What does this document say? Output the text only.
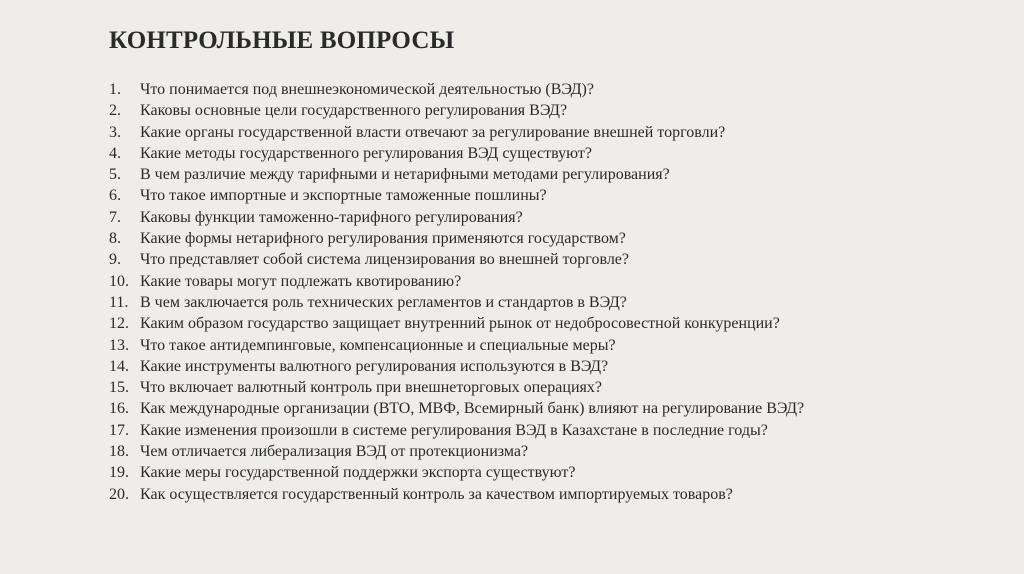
КОНТРОЛЬНЫЕ ВОПРОСЫ
1.	Что понимается под внешнеэкономической деятельностью (ВЭД)?
2.	Каковы основные цели государственного регулирования ВЭД?
3.	Какие органы государственной власти отвечают за регулирование внешней торговли?
4.	Какие методы государственного регулирования ВЭД существуют?
5.	В чем различие между тарифными и нетарифными методами регулирования?
6.	Что такое импортные и экспортные таможенные пошлины?
7.	Каковы функции таможенно-тарифного регулирования?
8.	Какие формы нетарифного регулирования применяются государством?
9.	Что представляет собой система лицензирования во внешней торговле?
10. Какие товары могут подлежать квотированию?
11. В чем заключается роль технических регламентов и стандартов в ВЭД?
12. Каким образом государство защищает внутренний рынок от недобросовестной конкуренции?
13. Что такое антидемпинговые, компенсационные и специальные меры?
14. Какие инструменты валютного регулирования используются в ВЭД?
15. Что включает валютный контроль при внешнеторговых операциях?
16. Как международные организации (ВТО, МВФ, Всемирный банк) влияют на регулирование ВЭД?
17. Какие изменения произошли в системе регулирования ВЭД в Казахстане в последние годы?
18. Чем отличается либерализация ВЭД от протекционизма?
19. Какие меры государственной поддержки экспорта существуют?
20. Как осуществляется государственный контроль за качеством импортируемых товаров?
